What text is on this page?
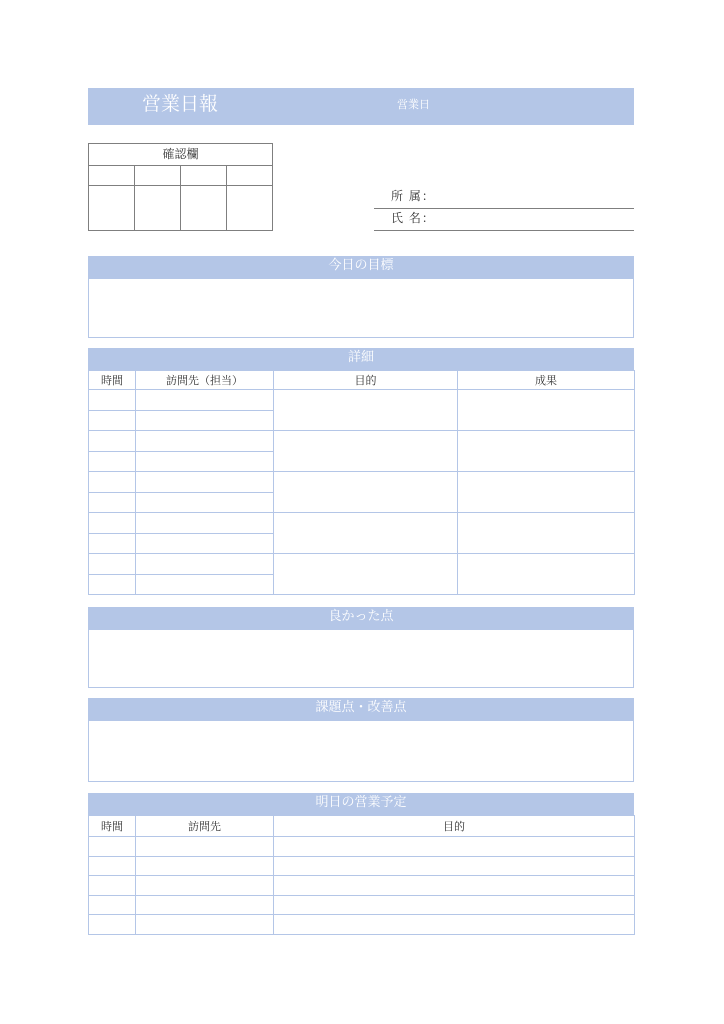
営業日報	営業日
確認欄
所 属：
氏 名：
今日の目標
詳細
時間	訪問先（担当）	目的	成果

良かった点
課題点・改善点
明日の営業予定
時間	訪問先	目的
